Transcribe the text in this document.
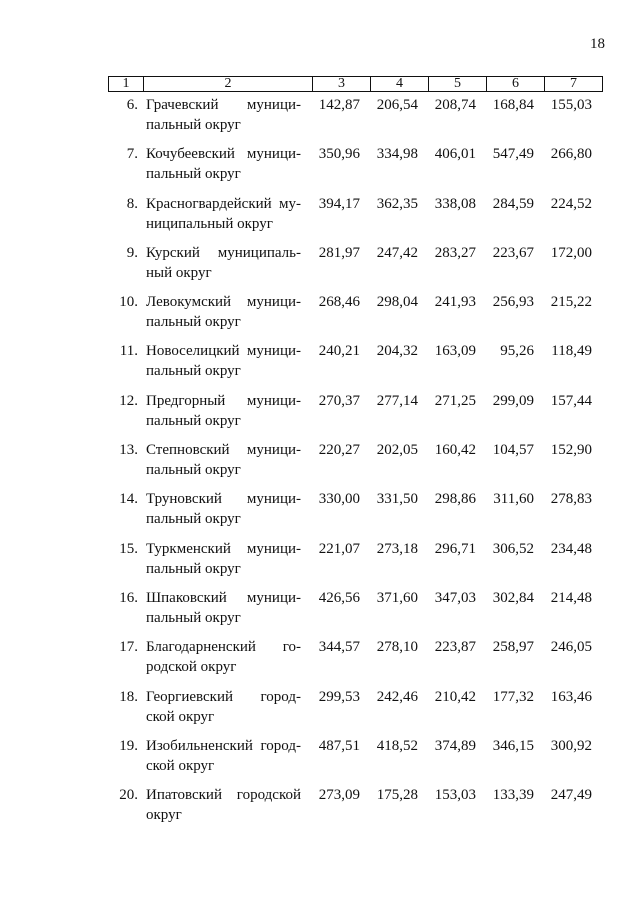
18
1	2	3	4	5	6	7
6. Грачевский муници-
пальный округ
142,87	206,54	208,74	168,84	155,03
7. Кочубеевский муници-
пальный округ
350,96	334,98	406,01	547,49	266,80
8. Красногвардейский му-
ниципальный округ
394,17	362,35	338,08	284,59	224,52
9. Курский муниципаль-
ный округ
281,97	247,42	283,27	223,67	172,00
10. Левокумский муници-
пальный округ
268,46	298,04	241,93	256,93	215,22
11. Новоселицкий муници-
пальный округ
240,21	204,32	163,09	95,26	118,49
12. Предгорный муници-
пальный округ
270,37	277,14	271,25	299,09	157,44
13. Степновский муници-
пальный округ
220,27	202,05	160,42	104,57	152,90
14. Труновский муници-
пальный округ
330,00	331,50	298,86	311,60	278,83
15. Туркменский муници-
пальный округ
221,07	273,18	296,71	306,52	234,48
16. Шпаковский муници-
пальный округ
426,56	371,60	347,03	302,84	214,48
17. Благодарненский го-
родской округ
344,57	278,10	223,87	258,97	246,05
18. Георгиевский город-
ской округ
299,53	242,46	210,42	177,32	163,46
19. Изобильненский город-
ской округ
487,51	418,52	374,89	346,15	300,92
20. Ипатовский городской
округ
273,09	175,28	153,03	133,39	247,49
